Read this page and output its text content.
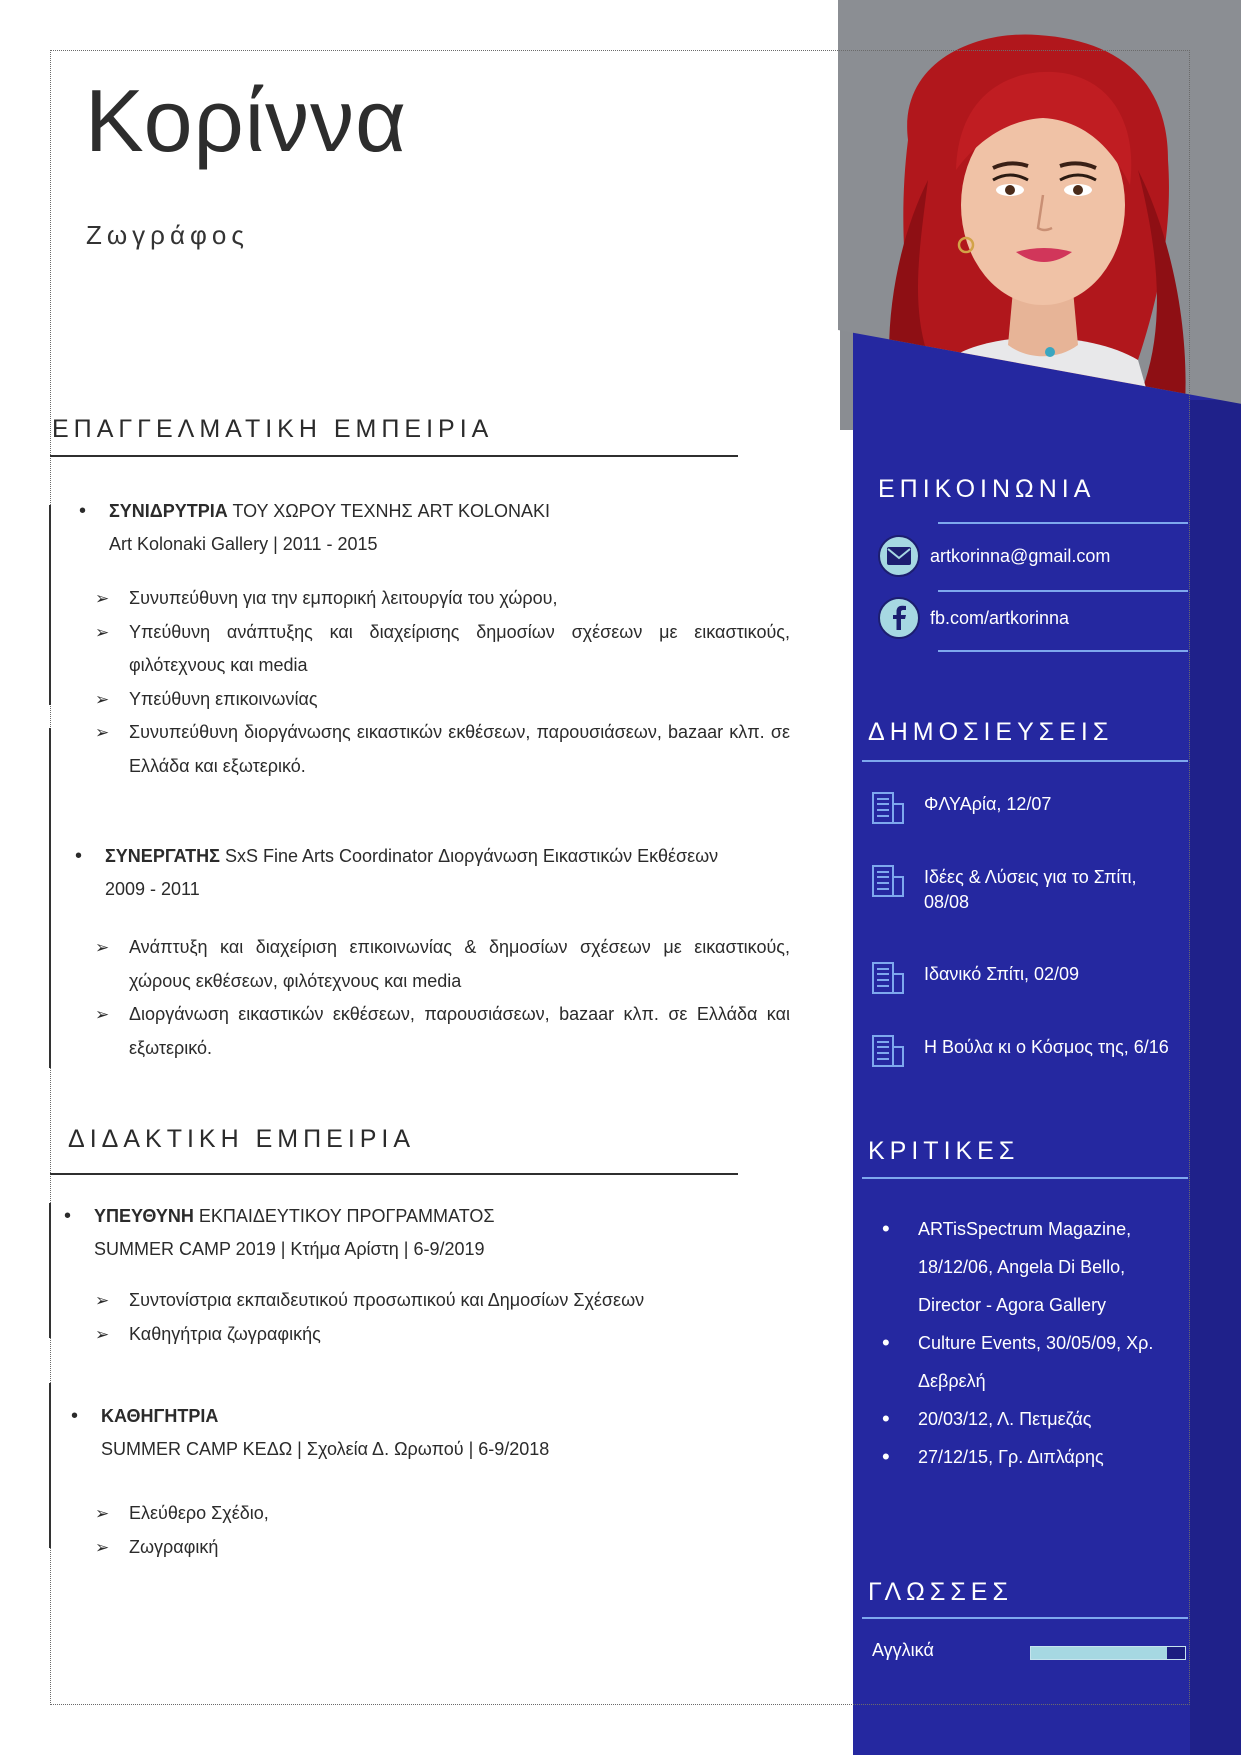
Κορίννα
Ζωγράφος
ΕΠΑΓΓΕΛΜΑΤΙΚΗ ΕΜΠΕΙΡΙΑ
• ΣΥΝΙΔΡΥΤΡΙΑ ΤΟΥ ΧΩΡΟΥ ΤΕΧΝΗΣ ART KOLONAKI
Art Kolonaki Gallery | 2011 - 2015
➢ Συνυπεύθυνη για την εμπορική λειτουργία του χώρου,
➢ Υπεύθυνη ανάπτυξης και διαχείρισης δημοσίων σχέσεων με εικαστικούς, φιλότεχνους και media
➢ Υπεύθυνη επικοινωνίας
➢ Συνυπεύθυνη διοργάνωσης εικαστικών εκθέσεων, παρουσιάσεων, bazaar κλπ. σε Ελλάδα και εξωτερικό.
• ΣΥΝΕΡΓΑΤΗΣ SxS Fine Arts Coordinator Διοργάνωση Εικαστικών Εκθέσεων
2009 - 2011
➢ Ανάπτυξη και διαχείριση επικοινωνίας & δημοσίων σχέσεων με εικαστικούς, χώρους εκθέσεων, φιλότεχνους και media
➢ Διοργάνωση εικαστικών εκθέσεων, παρουσιάσεων, bazaar κλπ. σε Ελλάδα και εξωτερικό.
ΔΙΔΑΚΤΙΚΗ ΕΜΠΕΙΡΙΑ
• ΥΠΕΥΘΥΝΗ ΕΚΠΑΙΔΕΥΤΙΚΟΥ ΠΡΟΓΡΑΜΜΑΤΟΣ
SUMMER CAMP 2019 | Κτήμα Αρίστη | 6-9/2019
➢ Συντονίστρια εκπαιδευτικού προσωπικού και Δημοσίων Σχέσεων
➢ Καθηγήτρια ζωγραφικής
• ΚΑΘΗΓΗΤΡΙΑ
SUMMER CAMP ΚΕΔΩ | Σχολεία Δ. Ωρωπού | 6-9/2018
➢ Ελεύθερο Σχέδιο,
➢ Ζωγραφική
ΕΠΙΚΟΙΝΩΝΙΑ
artkorinna@gmail.com
fb.com/artkorinna
ΔΗΜΟΣΙΕΥΣΕΙΣ
ΦΛΥΑρία, 12/07
Ιδέες & Λύσεις για το Σπίτι, 08/08
Ιδανικό Σπίτι, 02/09
Η Βούλα κι ο Κόσμος της, 6/16
ΚΡΙΤΙΚΕΣ
• ARTisSpectrum Magazine, 18/12/06, Angela Di Bello, Director - Agora Gallery
• Culture Events, 30/05/09, Χρ. Δεβρελή
• 20/03/12, Λ. Πετμεζάς
• 27/12/15, Γρ. Διπλάρης
ΓΛΩΣΣΕΣ
Αγγλικά
